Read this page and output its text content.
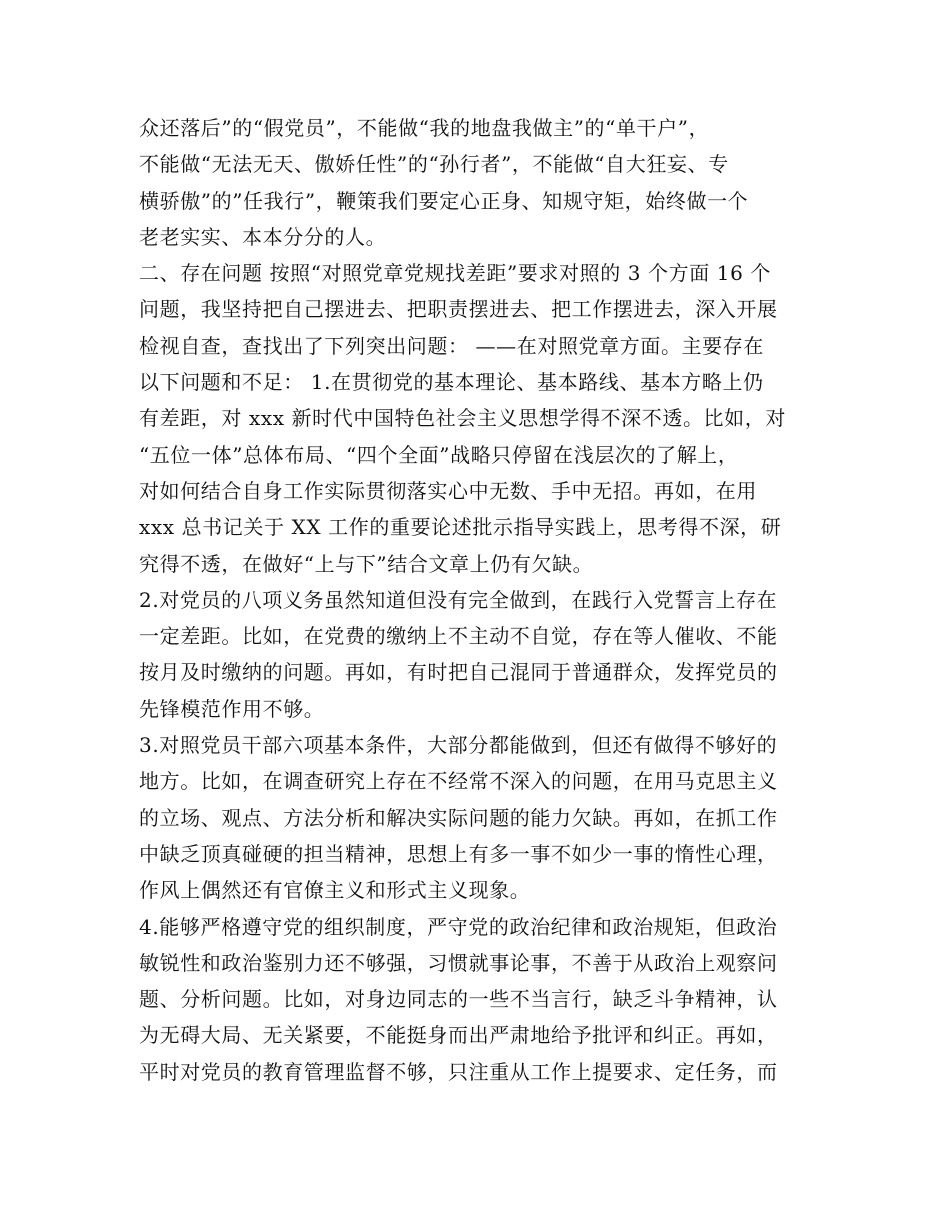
众还落后”的“假党员”，不能做“我的地盘我做主”的“单干户”，
不能做“无法无天、傲娇任性”的“孙行者”，不能做“自大狂妄、专
横骄傲”的”任我行”，鞭策我们要定心正身、知规守矩，始终做一个
老老实实、本本分分的人。
二、存在问题 按照“对照党章党规找差距”要求对照的 3 个方面 16 个
问题，我坚持把自己摆进去、把职责摆进去、把工作摆进去，深入开展
检视自查，查找出了下列突出问题： ——在对照党章方面。主要存在
以下问题和不足： 1.在贯彻党的基本理论、基本路线、基本方略上仍
有差距，对 xxx 新时代中国特色社会主义思想学得不深不透。比如，对
“五位一体”总体布局、“四个全面”战略只停留在浅层次的了解上，
对如何结合自身工作实际贯彻落实心中无数、手中无招。再如，在用
xxx 总书记关于 XX 工作的重要论述批示指导实践上，思考得不深，研
究得不透，在做好“上与下”结合文章上仍有欠缺。
2.对党员的八项义务虽然知道但没有完全做到，在践行入党誓言上存在
一定差距。比如，在党费的缴纳上不主动不自觉，存在等人催收、不能
按月及时缴纳的问题。再如，有时把自己混同于普通群众，发挥党员的
先锋模范作用不够。
3.对照党员干部六项基本条件，大部分都能做到，但还有做得不够好的
地方。比如，在调查研究上存在不经常不深入的问题，在用马克思主义
的立场、观点、方法分析和解决实际问题的能力欠缺。再如，在抓工作
中缺乏顶真碰硬的担当精神，思想上有多一事不如少一事的惰性心理，
作风上偶然还有官僚主义和形式主义现象。
4.能够严格遵守党的组织制度，严守党的政治纪律和政治规矩，但政治
敏锐性和政治鉴别力还不够强，习惯就事论事，不善于从政治上观察问
题、分析问题。比如，对身边同志的一些不当言行，缺乏斗争精神，认
为无碍大局、无关紧要，不能挺身而出严肃地给予批评和纠正。再如，
平时对党员的教育管理监督不够，只注重从工作上提要求、定任务，而
